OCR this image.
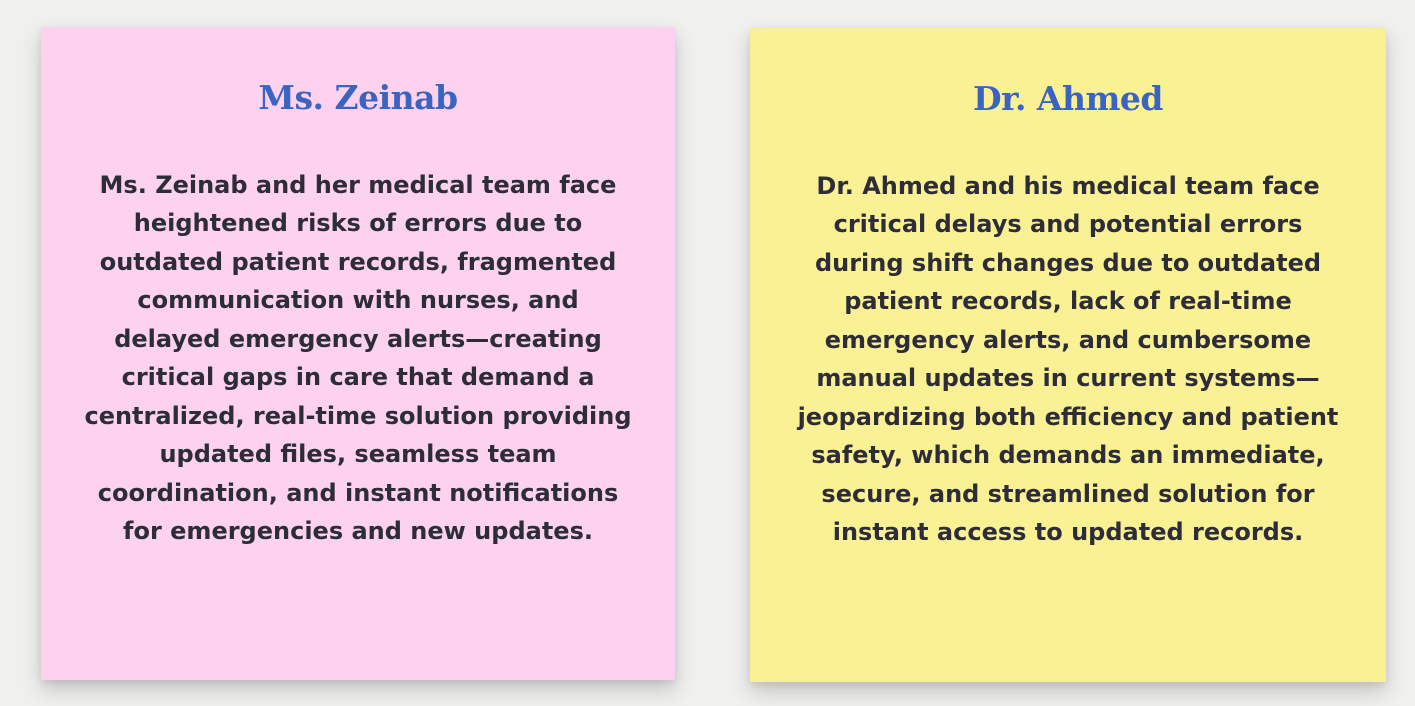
Ms. Zeinab

Ms. Zeinab and her medical team face heightened risks of errors due to outdated patient records, fragmented communication with nurses, and delayed emergency alerts—creating critical gaps in care that demand a centralized, real-time solution providing updated files, seamless team coordination, and instant notifications for emergencies and new updates.

Dr. Ahmed

Dr. Ahmed and his medical team face critical delays and potential errors during shift changes due to outdated patient records, lack of real-time emergency alerts, and cumbersome manual updates in current systems—jeopardizing both efficiency and patient safety, which demands an immediate, secure, and streamlined solution for instant access to updated records.
